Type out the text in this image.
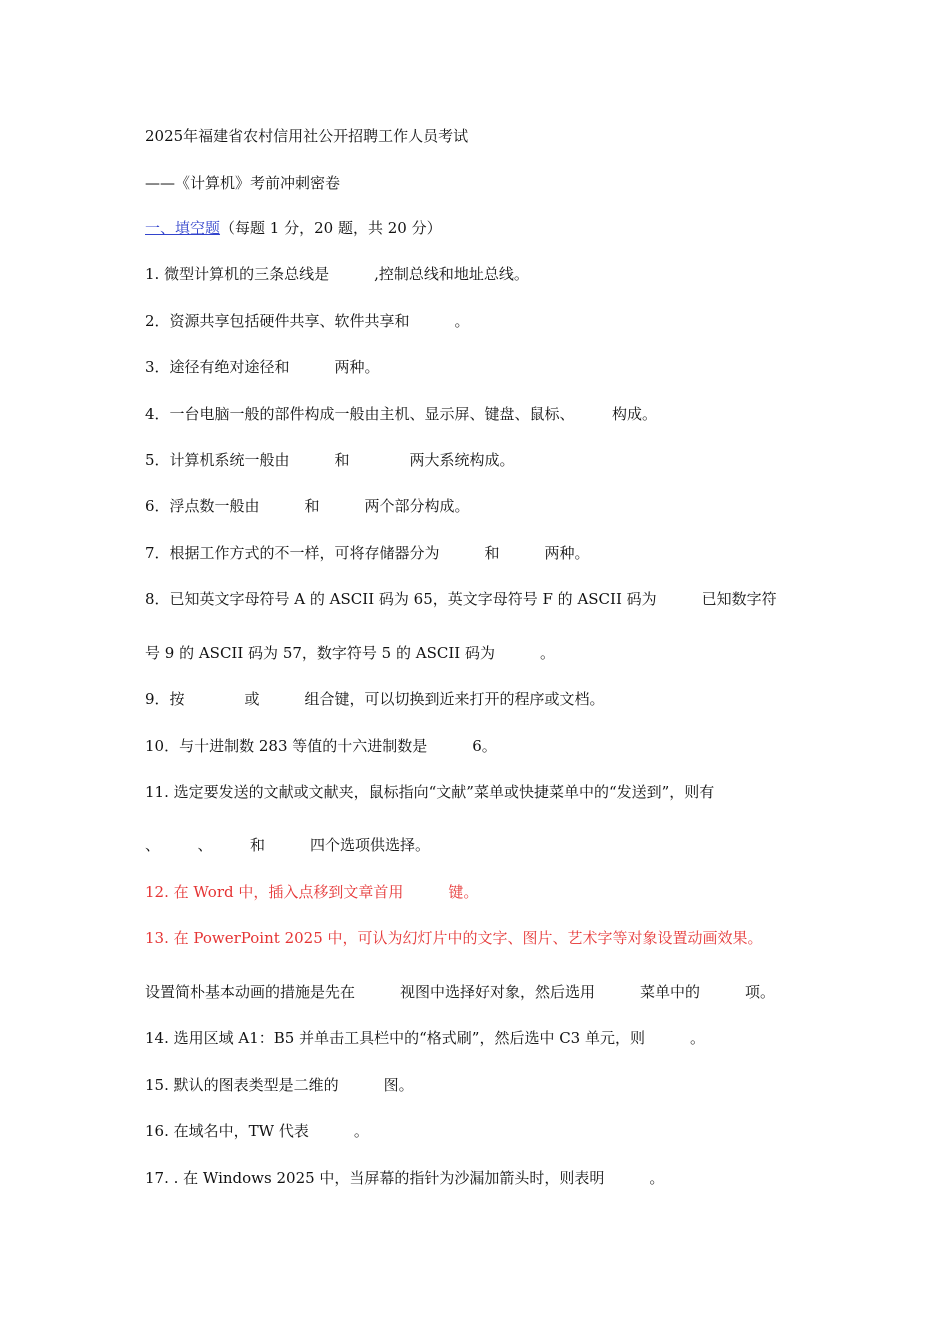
2025年福建省农村信用社公开招聘工作人员考试
——《计算机》考前冲刺密卷
一、填空题（每题 1 分，20 题，共 20 分）
1. 微型计算机的三条总线是　　　,控制总线和地址总线。
2．资源共享包括硬件共享、软件共享和　　　。
3．途径有绝对途径和　　　两种。
4．一台电脑一般的部件构成一般由主机、显示屏、键盘、鼠标、　　　构成。
5．计算机系统一般由　　　和　　　　两大系统构成。
6．浮点数一般由　　　和　　　两个部分构成。
7．根据工作方式的不一样，可将存储器分为　　　和　　　两种。
8．已知英文字母符号 A 的 ASCII 码为 65，英文字母符号 F 的 ASCII 码为　　　已知数字符
号 9 的 ASCII 码为 57，数字符号 5 的 ASCII 码为　　　。
9．按　　　　或　　　组合键，可以切换到近来打开的程序或文档。
10．与十进制数 283 等值的十六进制数是　　　6。
11. 选定要发送的文献或文献夹，鼠标指向“文献”菜单或快捷菜单中的“发送到”，则有
、　　　、　　　和　　　四个选项供选择。
12. 在 Word 中，插入点移到文章首用　　　键。
13. 在 PowerPoint 2025 中，可认为幻灯片中的文字、图片、艺术字等对象设置动画效果。
设置简朴基本动画的措施是先在　　　视图中选择好对象，然后选用　　　菜单中的　　　项。
14. 选用区域 A1：B5 并单击工具栏中的“格式刷”，然后选中 C3 单元，则　　　。
15. 默认的图表类型是二维的　　　图。
16. 在域名中，TW 代表　　　。
17. . 在 Windows 2025 中，当屏幕的指针为沙漏加箭头时，则表明　　　。
